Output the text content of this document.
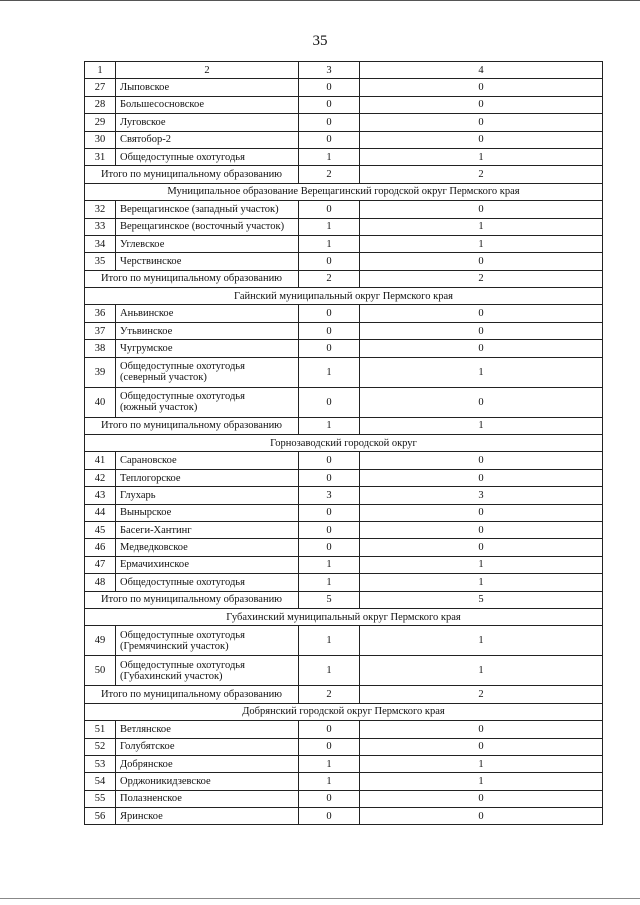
35
1	2	3	4
27	Лыповское	0	0
28	Большесосновское	0	0
29	Луговское	0	0
30	Святобор-2	0	0
31	Общедоступные охотугодья	1	1
Итого по муниципальному образованию		2	2
Муниципальное образование Верещагинский городской округ Пермского края			
32	Верещагинское (западный участок)	0	0
33	Верещагинское (восточный участок)	1	1
34	Углевское	1	1
35	Черствинское	0	0
Итого по муниципальному образованию		2	2
Гайнский муниципальный округ Пермского края			
36	Аньвинское	0	0
37	Утьвинское	0	0
38	Чугрумское	0	0
39	Общедоступные охотугодья
(северный участок)	1	1
40	Общедоступные охотугодья
(южный участок)	0	0
Итого по муниципальному образованию		1	1
Горнозаводский городской округ			
41	Сарановское	0	0
42	Теплогорское	0	0
43	Глухарь	3	3
44	Вынырское	0	0
45	Басеги-Хантинг	0	0
46	Медведковское	0	0
47	Ермачихинское	1	1
48	Общедоступные охотугодья	1	1
Итого по муниципальному образованию		5	5
Губахинский муниципальный округ Пермского края			
49	Общедоступные охотугодья
(Гремячинский участок)	1	1
50	Общедоступные охотугодья
(Губахинский участок)	1	1
Итого по муниципальному образованию		2	2
Добрянский городской округ Пермского края			
51	Ветлянское	0	0
52	Голубятское	0	0
53	Добрянское	1	1
54	Орджоникидзевское	1	1
55	Полазненское	0	0
56	Яринское	0	0
